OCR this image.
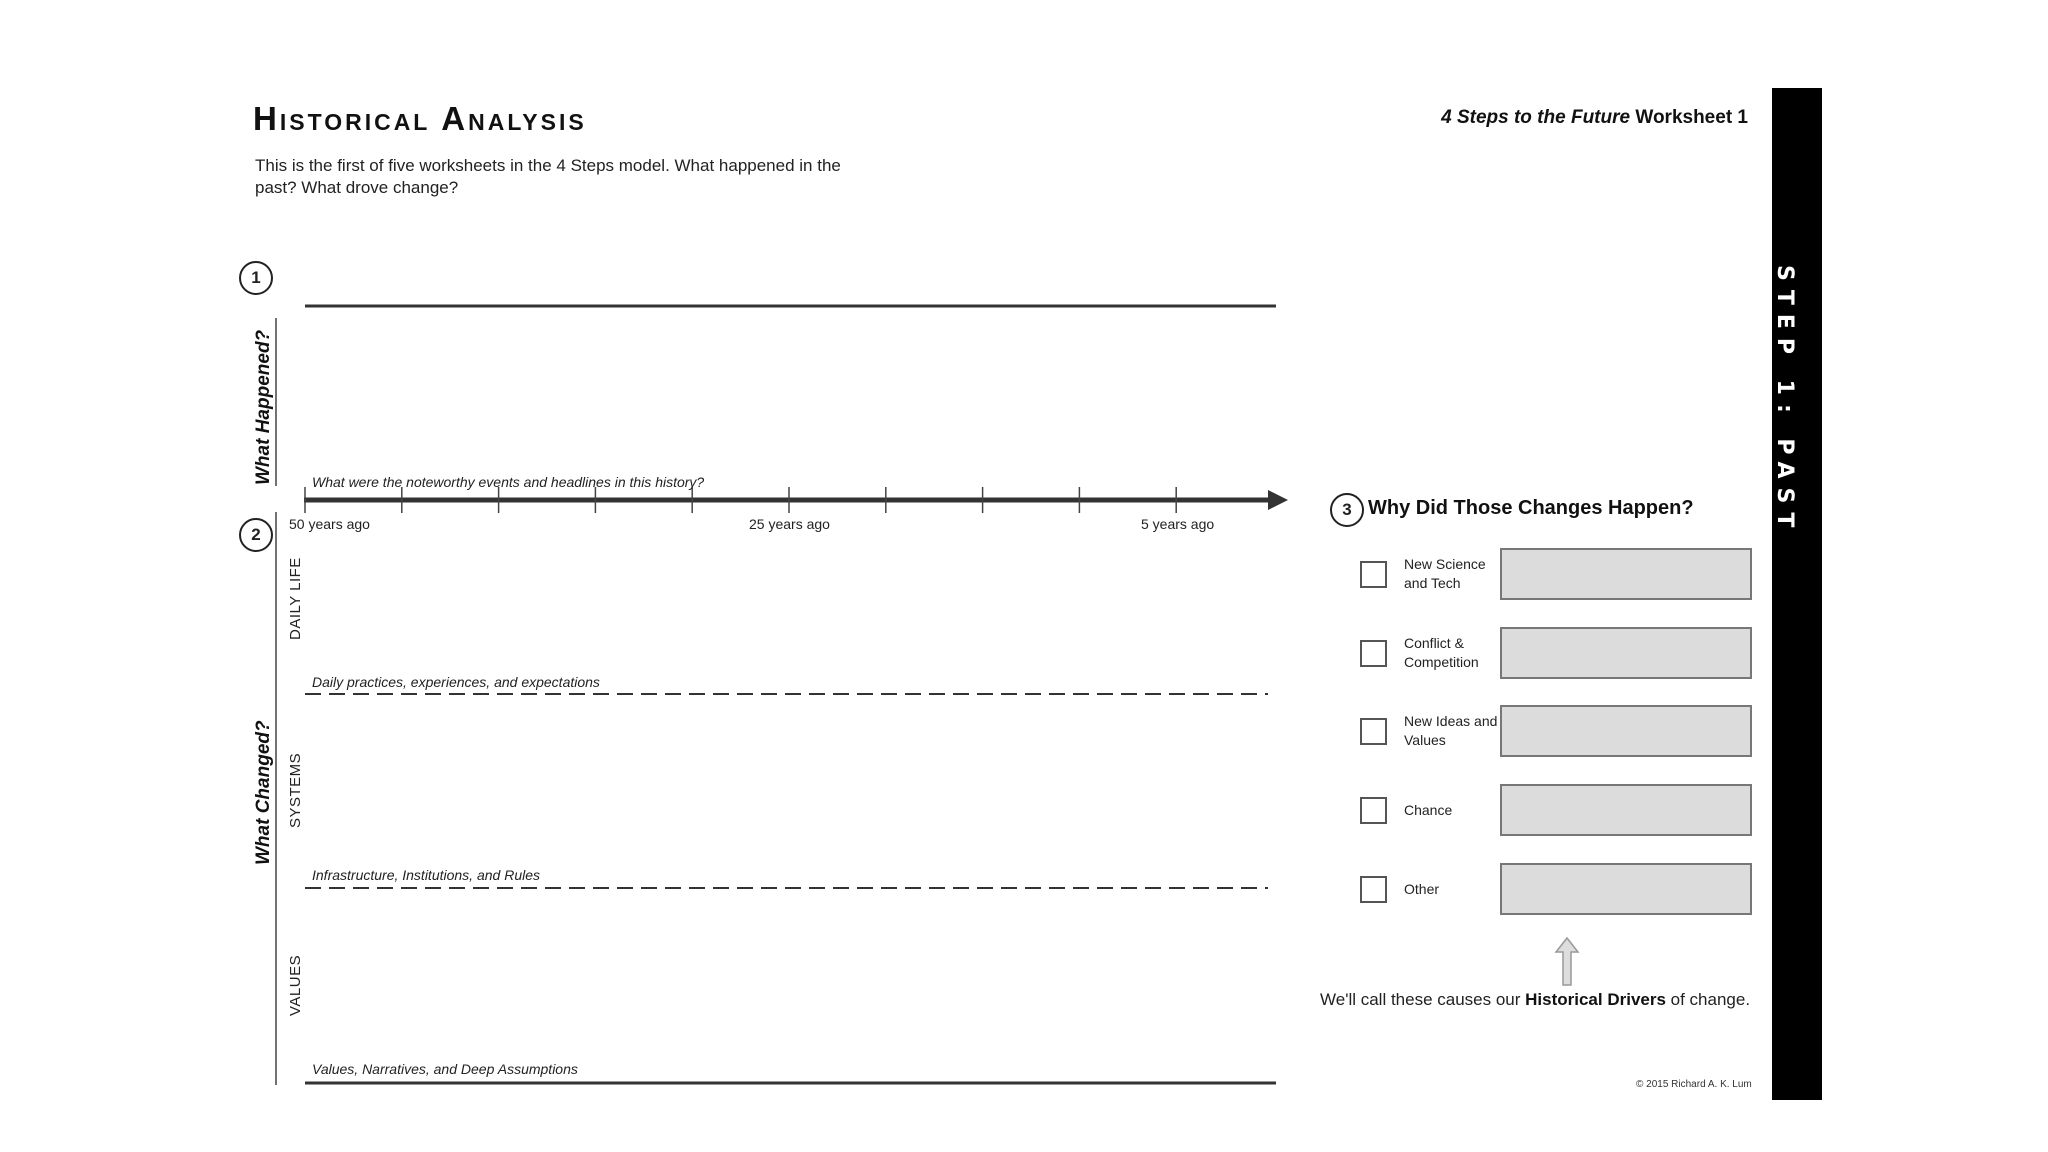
Historical Analysis
This is the first of five worksheets in the 4 Steps model. What happened in the past? What drove change?
4 Steps to the Future Worksheet 1
STEP 1: PAST
1
What Happened?	What were the noteworthy events and headlines in this history?
50 years ago	25 years ago	5 years ago
2
What Changed?
DAILY LIFE
Daily practices, experiences, and expectations
SYSTEMS
Infrastructure, Institutions, and Rules
VALUES
Values, Narratives, and Deep Assumptions
3 Why Did Those Changes Happen?
New Science and Tech
Conflict & Competition
New Ideas and Values
Chance
Other
We'll call these causes our Historical Drivers of change.
© 2015 Richard A. K. Lum
